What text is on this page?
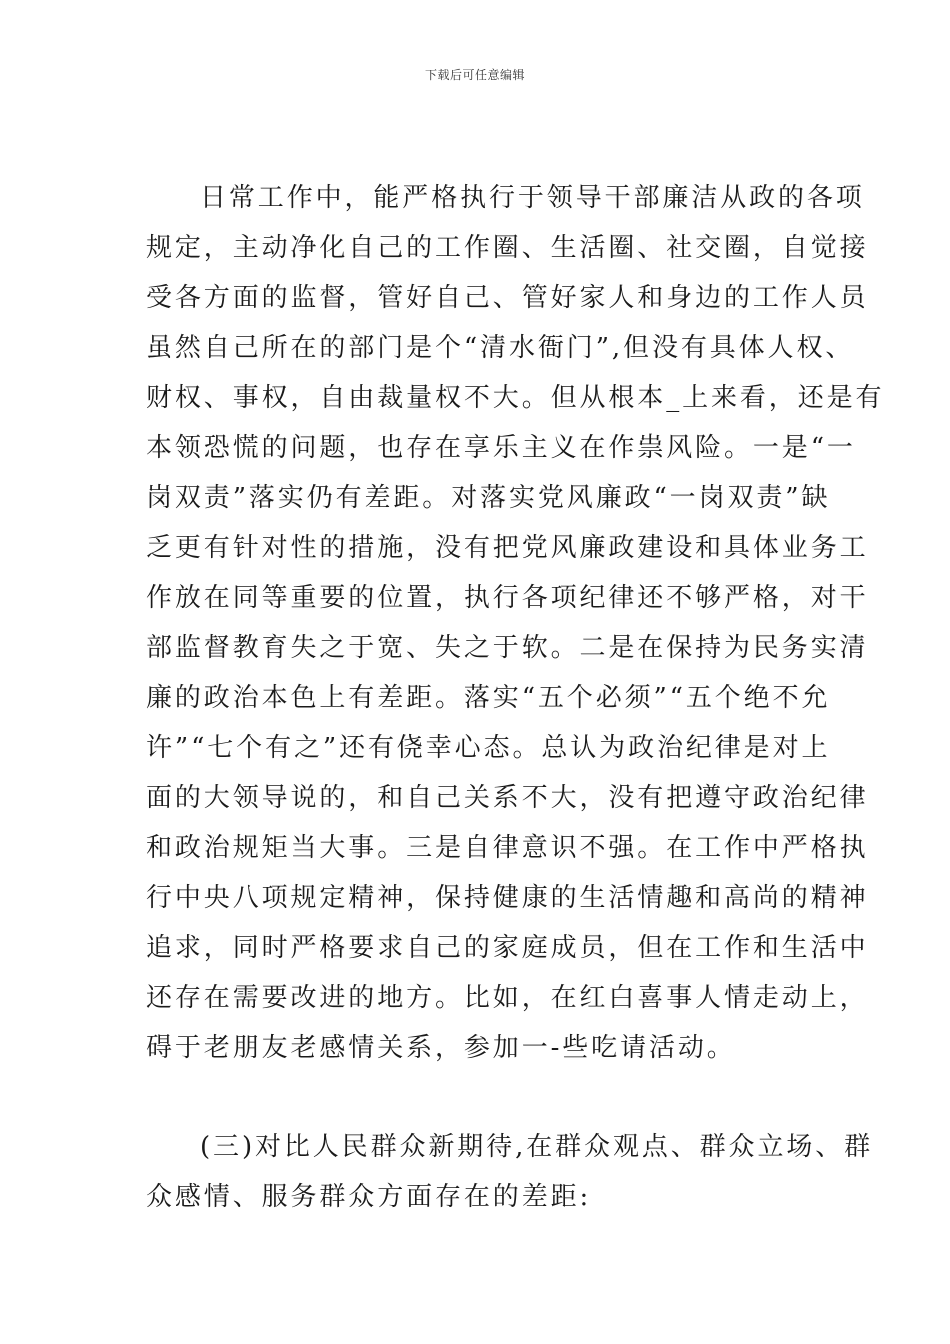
下载后可任意编辑
日常工作中，能严格执行于领导干部廉洁从政的各项
规定，主动净化自己的工作圈、生活圈、社交圈，自觉接
受各方面的监督，管好自己、管好家人和身边的工作人员
虽然自己所在的部门是个“清水衙门”,但没有具体人权、
财权、事权，自由裁量权不大。但从根本_上来看，还是有
本领恐慌的问题，也存在享乐主义在作祟风险。一是“一
岗双责”落实仍有差距。对落实党风廉政“一岗双责”缺
乏更有针对性的措施，没有把党风廉政建设和具体业务工
作放在同等重要的位置，执行各项纪律还不够严格，对干
部监督教育失之于宽、失之于软。二是在保持为民务实清
廉的政治本色上有差距。落实“五个必须”“五个绝不允
许”“七个有之”还有侥幸心态。总认为政治纪律是对上
面的大领导说的，和自己关系不大，没有把遵守政治纪律
和政治规矩当大事。三是自律意识不强。在工作中严格执
行中央八项规定精神，保持健康的生活情趣和高尚的精神
追求，同时严格要求自己的家庭成员，但在工作和生活中
还存在需要改进的地方。比如，在红白喜事人情走动上，
碍于老朋友老感情关系，参加一-些吃请活动。
(三)对比人民群众新期待,在群众观点、群众立场、群
众感情、服务群众方面存在的差距:
